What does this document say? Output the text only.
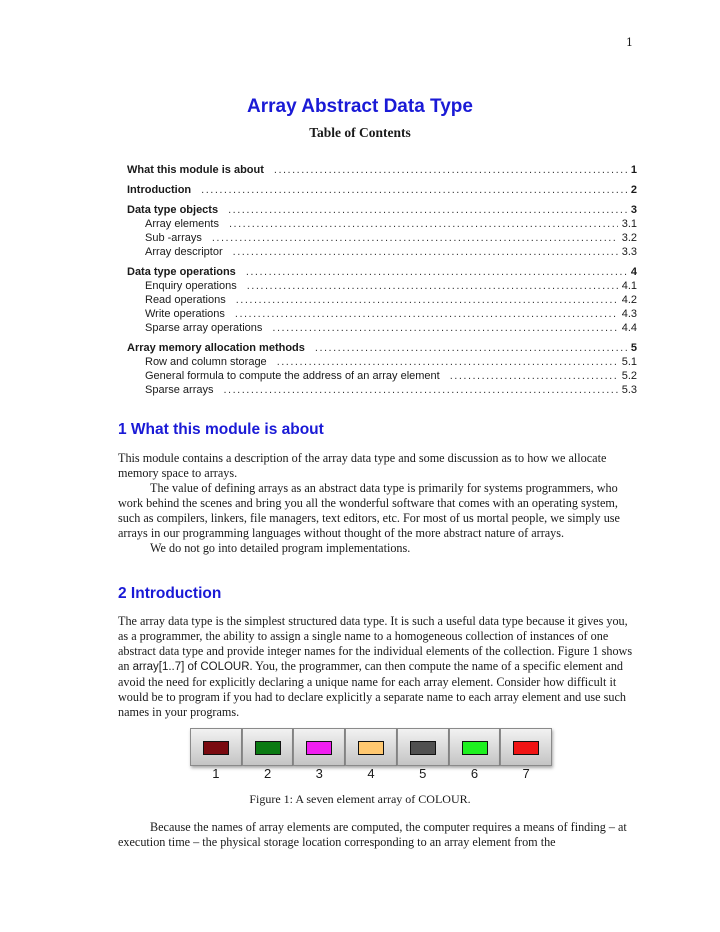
1
Array Abstract Data Type
Table of Contents
What this module is about .....	1
Introduction .....	2
Data type objects .....	3
Array elements .....	3.1
Sub -arrays .....	3.2
Array descriptor .....	3.3
Data type operations .....	4
Enquiry operations .....	4.1
Read operations .....	4.2
Write operations .....	4.3
Sparse array operations .....	4.4
Array memory allocation methods .....	5
Row and column storage .....	5.1
General formula to compute the address of an array element .....	5.2
Sparse arrays .....	5.3
1 What this module is about

This module contains a description of the array data type and some discussion as to how we allocate memory space to arrays.

The value of defining arrays as an abstract data type is primarily for systems programmers, who work behind the scenes and bring you all the wonderful software that comes with an operating system, such as compilers, linkers, file managers, text editors, etc. For most of us mortal people, we simply use arrays in our programming languages without thought of the more abstract nature of arrays.

We do not go into detailed program implementations.

2 Introduction

The array data type is the simplest structured data type. It is such a useful data type because it gives you, as a programmer, the ability to assign a single name to a homogeneous collection of instances of one abstract data type and provide integer names for the individual elements of the collection. Figure 1 shows an array[1..7] of COLOUR. You, the programmer, can then compute the name of a specific element and avoid the need for explicitly declaring a unique name for each array element. Consider how difficult it would be to program if you had to declare explicitly a separate name to each array element and use such names in your programs.

1	2	3	4	5	6	7
Figure 1: A seven element array of COLOUR.

Because the names of array elements are computed, the computer requires a means of finding – at execution time – the physical storage location corresponding to an array element from the
